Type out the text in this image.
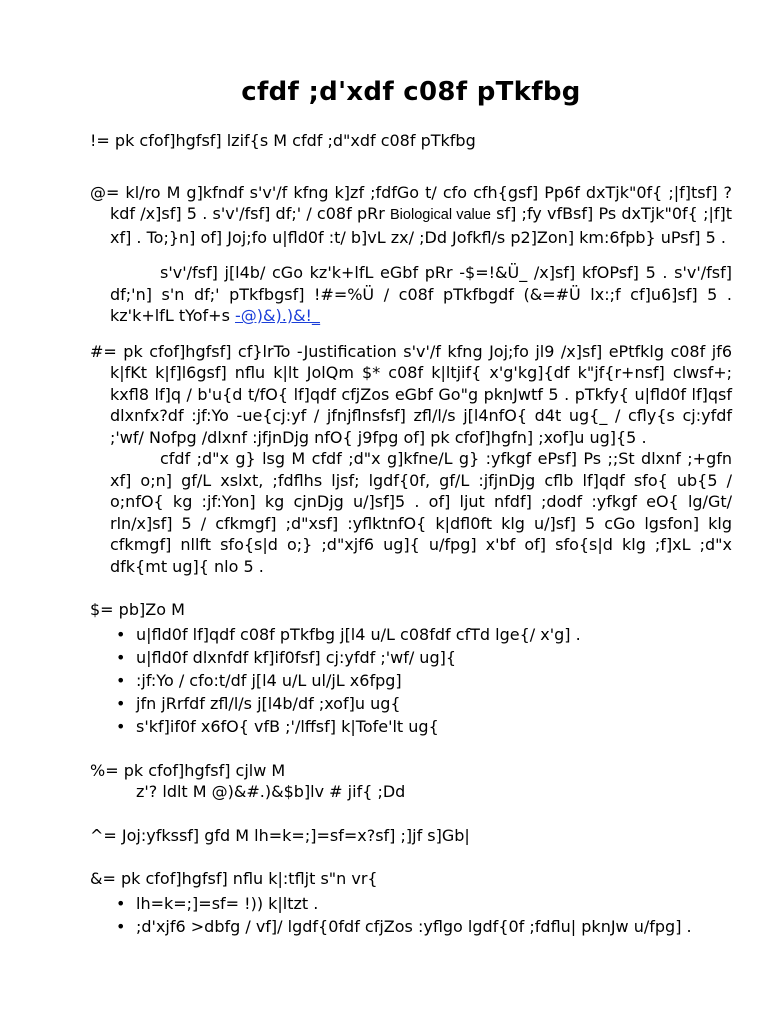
cfdf ;d'xdf c08f pTkfbg

!= pk cfof]hgfsf] lzif{s M cfdf ;d"xdf c08f pTkfbg

@= kl/ro M g]kfndf s'v'/f kfng k]zf ;fdfGo t/ cfo cfh{gsf] Pp6f dxTjk"0f{ ;|f]tsf] ?kdf /x]sf] 5 . s'v'/fsf] df;' / c08f pRr Biological value sf] ;fy vfBsf] Ps dxTjk"0f{ ;|f]t xf] . To;}n] of] Joj;fo u|fld0f :t/ b]vL zx/ ;Dd Jofkfl/s p2]Zon] km:6fpb} uPsf] 5 .

s'v'/fsf] j[l4b/ cGo kz'k+lfL eGbf pRr -$=!&Ü_ /x]sf] kfOPsf] 5 . s'v'/fsf] df;'n] s'n df;' pTkfbgsf] !#=%Ü / c08f pTkfbgdf (&=#Ü lx:;f cf]u6]sf] 5 . kz'k+lfL tYof+s -@)&).)&!_

#= pk cfof]hgfsf] cf}lrTo -Justification s'v'/f kfng Joj;fo jl9 /x]sf] ePtfklg c08f jf6 k|fKt k|f]l6gsf] nflu k|lt JolQm $* c08f k|ltjif{ x'g'kg]{df k"jf{r+nsf] clwsf+; kxfl8 lf]q / b'u{d t/fO{ lf]qdf cfjZos eGbf Go"g pknJwtf 5 . pTkfy{ u|fld0f lf]qsf dlxnfx?df :jf:Yo -ue{cj:yf / jfnjflnsfsf] zfl/l/s j[l4nfO{ d4t ug{_ / cfly{s cj:yfdf ;'wf/ Nofpg /dlxnf :jfjnDjg nfO{ j9fpg of] pk cfof]hgfn] ;xof]u ug]{5 .

cfdf ;d"x g} lsg M cfdf ;d"x g]kfne/L g} :yfkgf ePsf] Ps ;;St dlxnf ;+gfn xf] o;n] gf/L xslxt, ;fdflhs ljsf; lgdf{0f, gf/L :jfjnDjg cflb lf]qdf sfo{ ub{5 / o;nfO{ kg :jf:Yon] kg cjnDjg u/]sf]5 . of] ljut nfdf] ;dodf :yfkgf eO{ lg/Gt/ rln/x]sf] 5 / cfkmgf] ;d"xsf] :yflktnfO{ k|dfl0ft klg u/]sf] 5 cGo lgsfon] klg cfkmgf] nllft sfo{s|d o;} ;d"xjf6 ug]{ u/fpg] x'bf of] sfo{s|d klg ;f]xL ;d"x dfk{mt ug]{ nlo 5 .

$= pb]Zo M

• u|fld0f lf]qdf c08f pTkfbg j[l4 u/L c08fdf cfTd lge{/ x'g] .
• u|fld0f dlxnfdf kf]if0fsf] cj:yfdf ;'wf/ ug]{
• :jf:Yo / cfo:t/df j[l4 u/L ul/jL x6fpg]
• jfn jRrfdf zfl/l/s j[l4b/df ;xof]u ug{
• s'kf]if0f x6fO{ vfB ;'/lffsf] k|Tofe'lt ug{

%= pk cfof]hgfsf] cjlw M

z'? ldlt M @)&#.)&$b]lv # jif{ ;Dd

^= Joj:yfkssf] gfd M lh=k=;]=sf=x?sf] ;]jf s]Gb|

&= pk cfof]hgfsf] nflu k|:tfljt s"n vr{

• lh=k=;]=sf= !)) k|ltzt .
• ;d'xjf6 >dbfg / vf]/ lgdf{0fdf cfjZos :yflgo lgdf{0f ;fdflu| pknJw u/fpg] .
